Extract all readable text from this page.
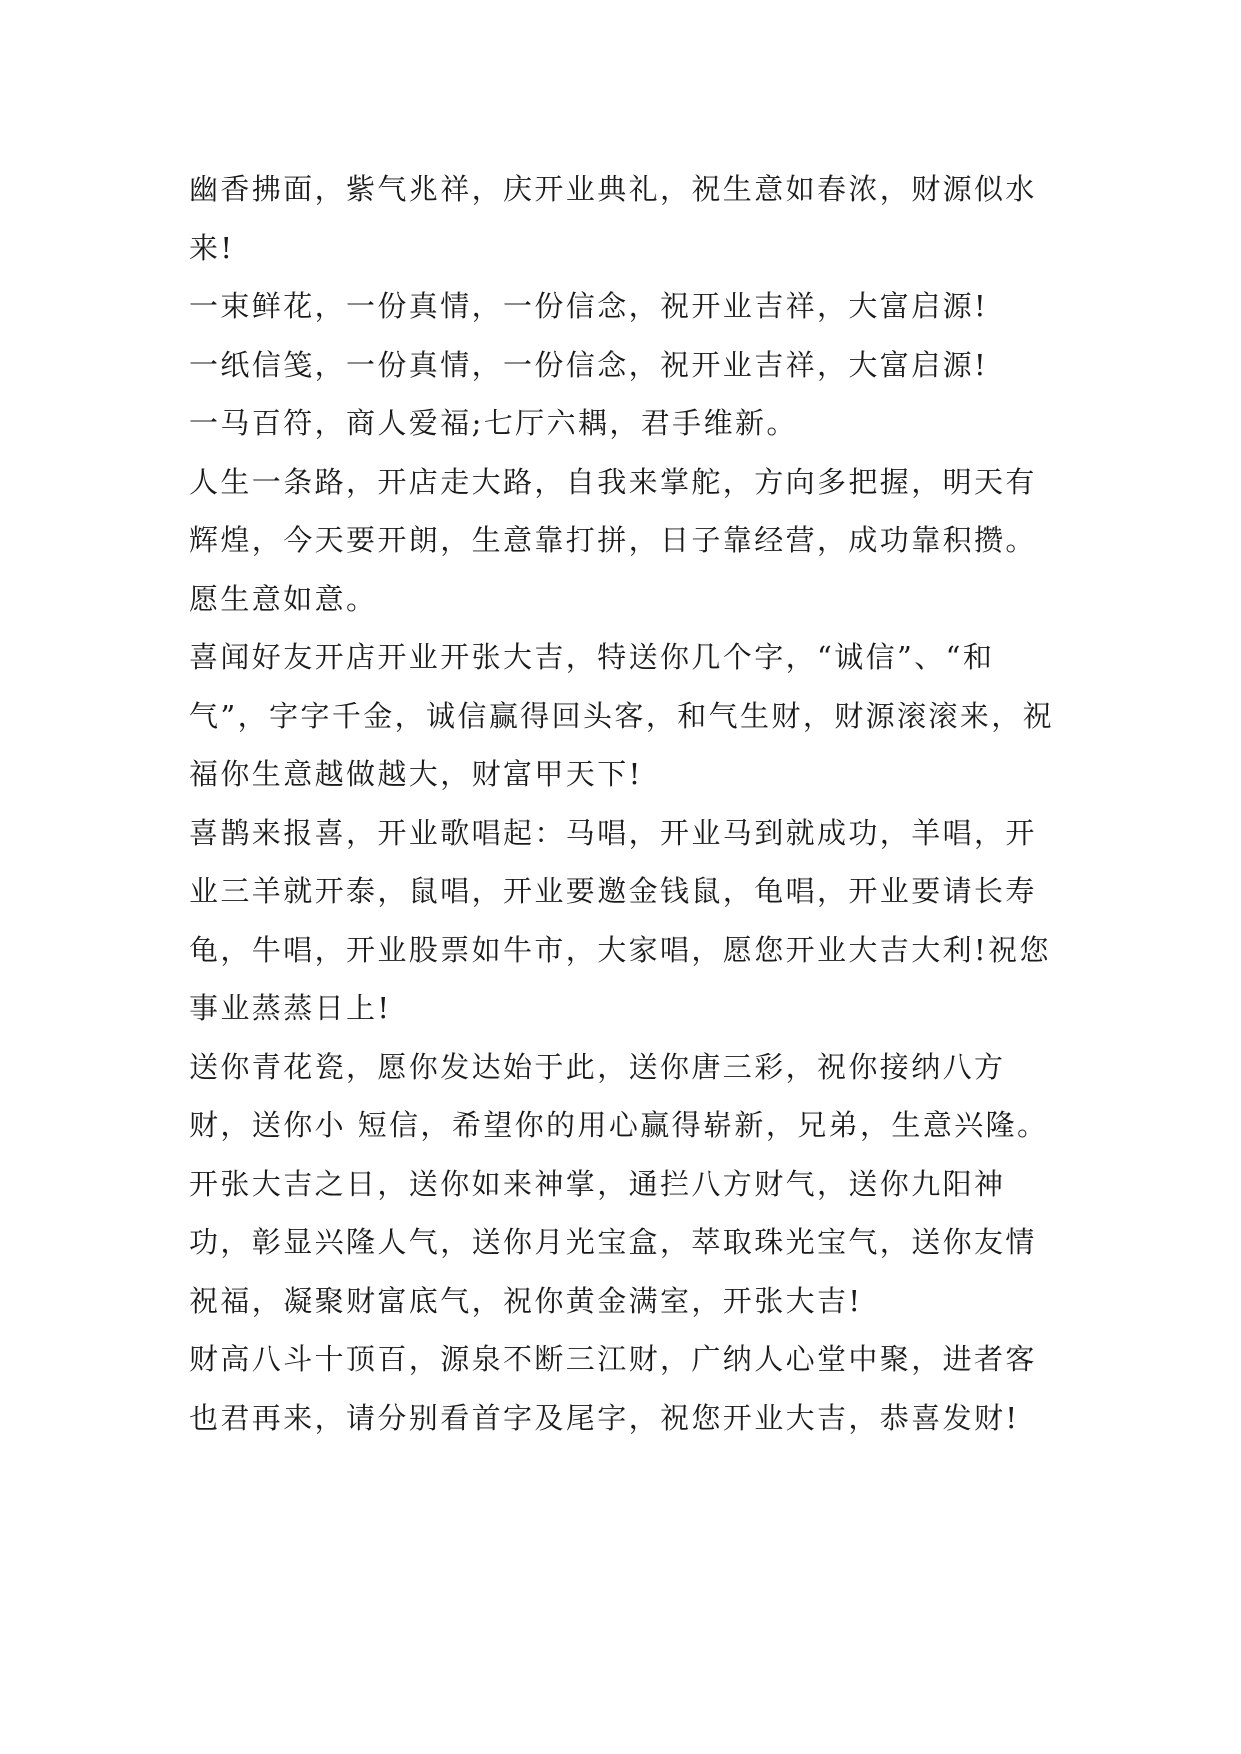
幽香拂面，紫气兆祥，庆开业典礼，祝生意如春浓，财源似水来!

一束鲜花，一份真情，一份信念，祝开业吉祥，大富启源!

一纸信笺，一份真情，一份信念，祝开业吉祥，大富启源!

一马百符，商人爱福;七厅六耦，君手维新。

人生一条路，开店走大路，自我来掌舵，方向多把握，明天有辉煌，今天要开朗，生意靠打拼，日子靠经营，成功靠积攒。愿生意如意。

喜闻好友开店开业开张大吉，特送你几个字，“诚信”、“和气”，字字千金，诚信赢得回头客，和气生财，财源滚滚来，祝福你生意越做越大，财富甲天下!

喜鹊来报喜，开业歌唱起：马唱，开业马到就成功，羊唱，开业三羊就开泰，鼠唱，开业要邀金钱鼠，龟唱，开业要请长寿龟，牛唱，开业股票如牛市，大家唱，愿您开业大吉大利!祝您事业蒸蒸日上!

送你青花瓷，愿你发达始于此，送你唐三彩，祝你接纳八方财，送你小 短信，希望你的用心赢得崭新，兄弟，生意兴隆。

开张大吉之日，送你如来神掌，通拦八方财气，送你九阳神功，彰显兴隆人气，送你月光宝盒，萃取珠光宝气，送你友情祝福，凝聚财富底气，祝你黄金满室，开张大吉!

财高八斗十顶百，源泉不断三江财，广纳人心堂中聚，进者客也君再来，请分别看首字及尾字，祝您开业大吉，恭喜发财!
